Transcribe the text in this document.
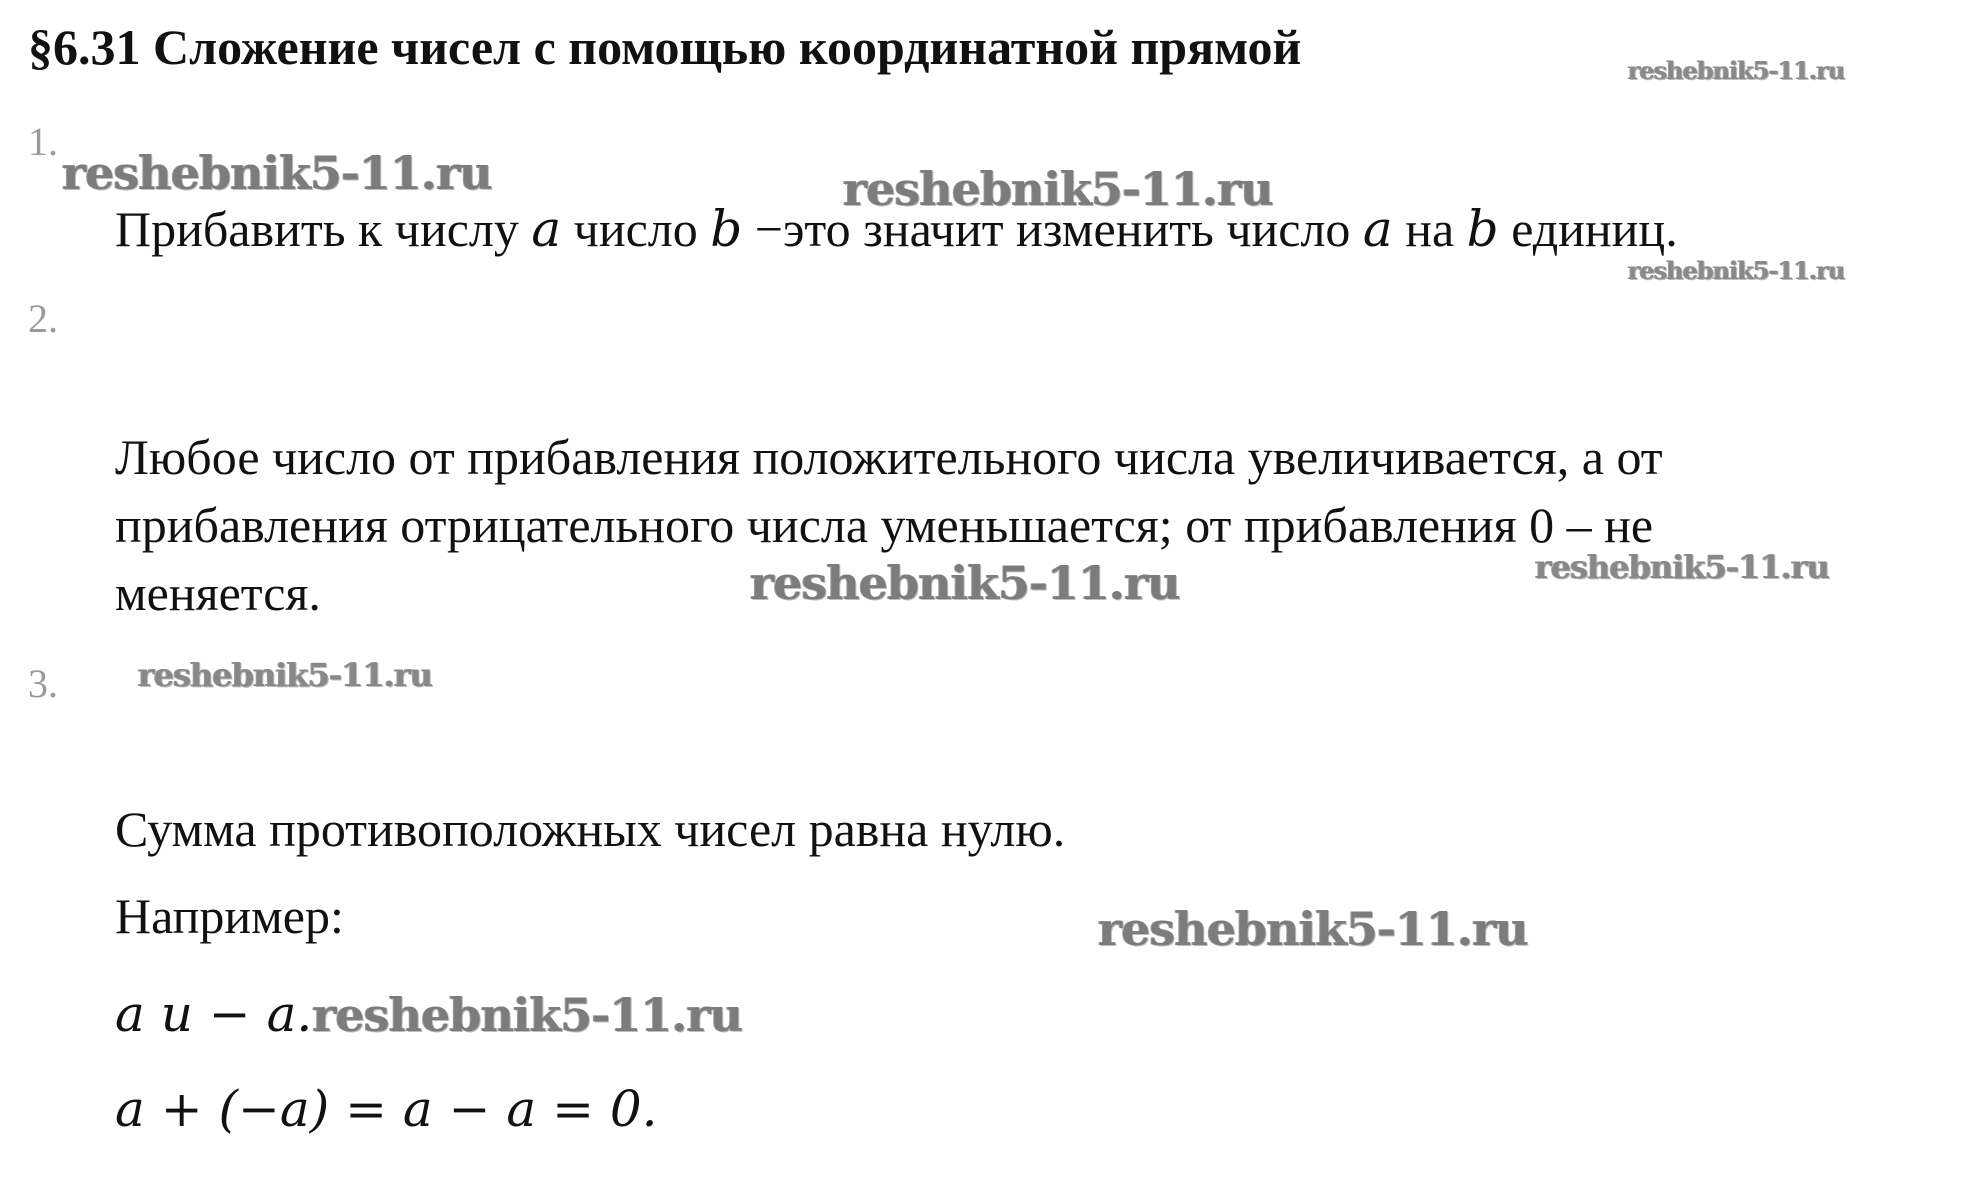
§6.31 Сложение чисел с помощью координатной прямой	reshebnik5-11.ru
1.
reshebnik5-11.ru	reshebnik5-11.ru
Прибавить к числу a число b −это значит изменить число a на b единиц.
reshebnik5-11.ru
2.
Любое число от прибавления положительного числа увеличивается, а от
прибавления отрицательного числа уменьшается; от прибавления 0 – не
меняется.	reshebnik5-11.ru
reshebnik5-11.ru
3.	reshebnik5-11.ru
Сумма противоположных чисел равна нулю.
Например:	reshebnik5-11.ru
a и − a.reshebnik5-11.ru
a + (−a) = a − a = 0.
